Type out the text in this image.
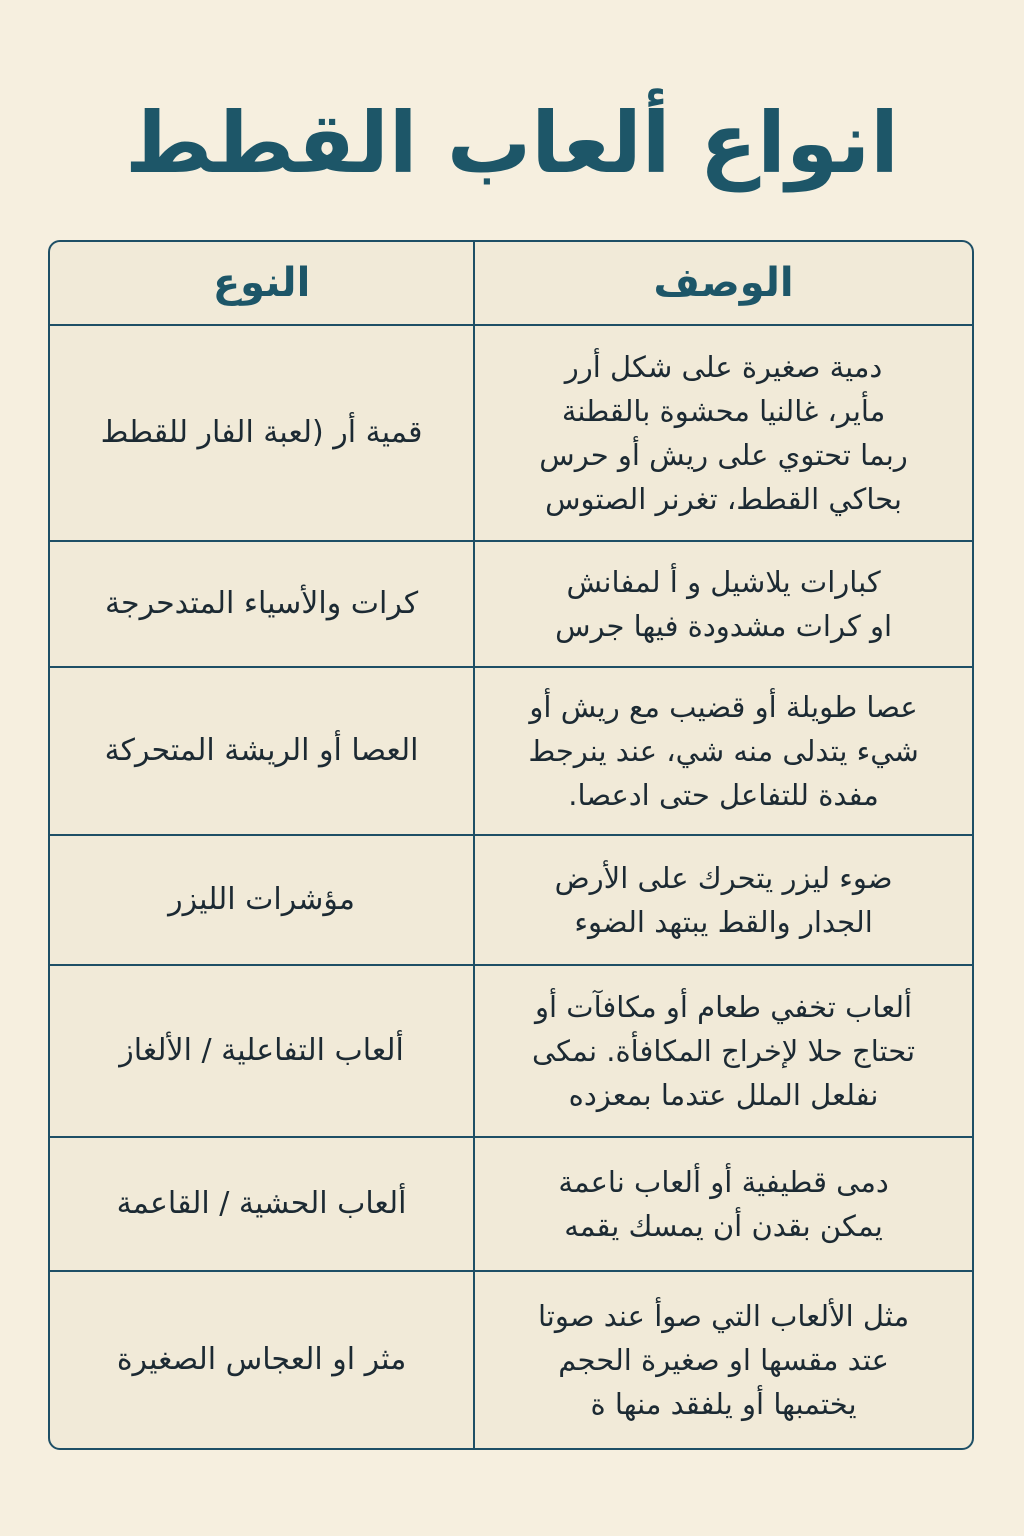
انواع ألعاب القطط
النوع	الوصف
قمية أر (لعبة الفار للقطط	دمية صغيرة على شكل أرر
مأير، غالنيا محشوة بالقطنة
ربما تحتوي على ريش أو حرس
بحاكي القطط، تغرنر الصتوس

كرات والأسياء المتدحرجة	كبارات يلاشيل و أ لمفانش
او كرات مشدودة فيها جرس

العصا أو الريشة المتحركة	عصا طويلة أو قضيب مع ريش أو
شيء يتدلى منه شي، عند ينرجط
مفدة للتفاعل حتى ادعصا.

مؤشرات الليزر	ضوء ليزر يتحرك على الأرض
الجدار والقط يبتهد الضوء

ألعاب التفاعلية / الألغاز	ألعاب تخفي طعام أو مكافآت أو
تحتاج حلا لإخراج المكافأة. نمكى
نفلعل الملل عتدما بمعزده

ألعاب الحشية / القاعمة	دمى قطيفية أو ألعاب ناعمة
يمكن بقدن أن يمسك يقمه

مثر او العجاس الصغيرة	مثل الألعاب التي صوأ عند صوتا
عتد مقسها او صغيرة الحجم
يختمبها أو يلفقد منها ة
